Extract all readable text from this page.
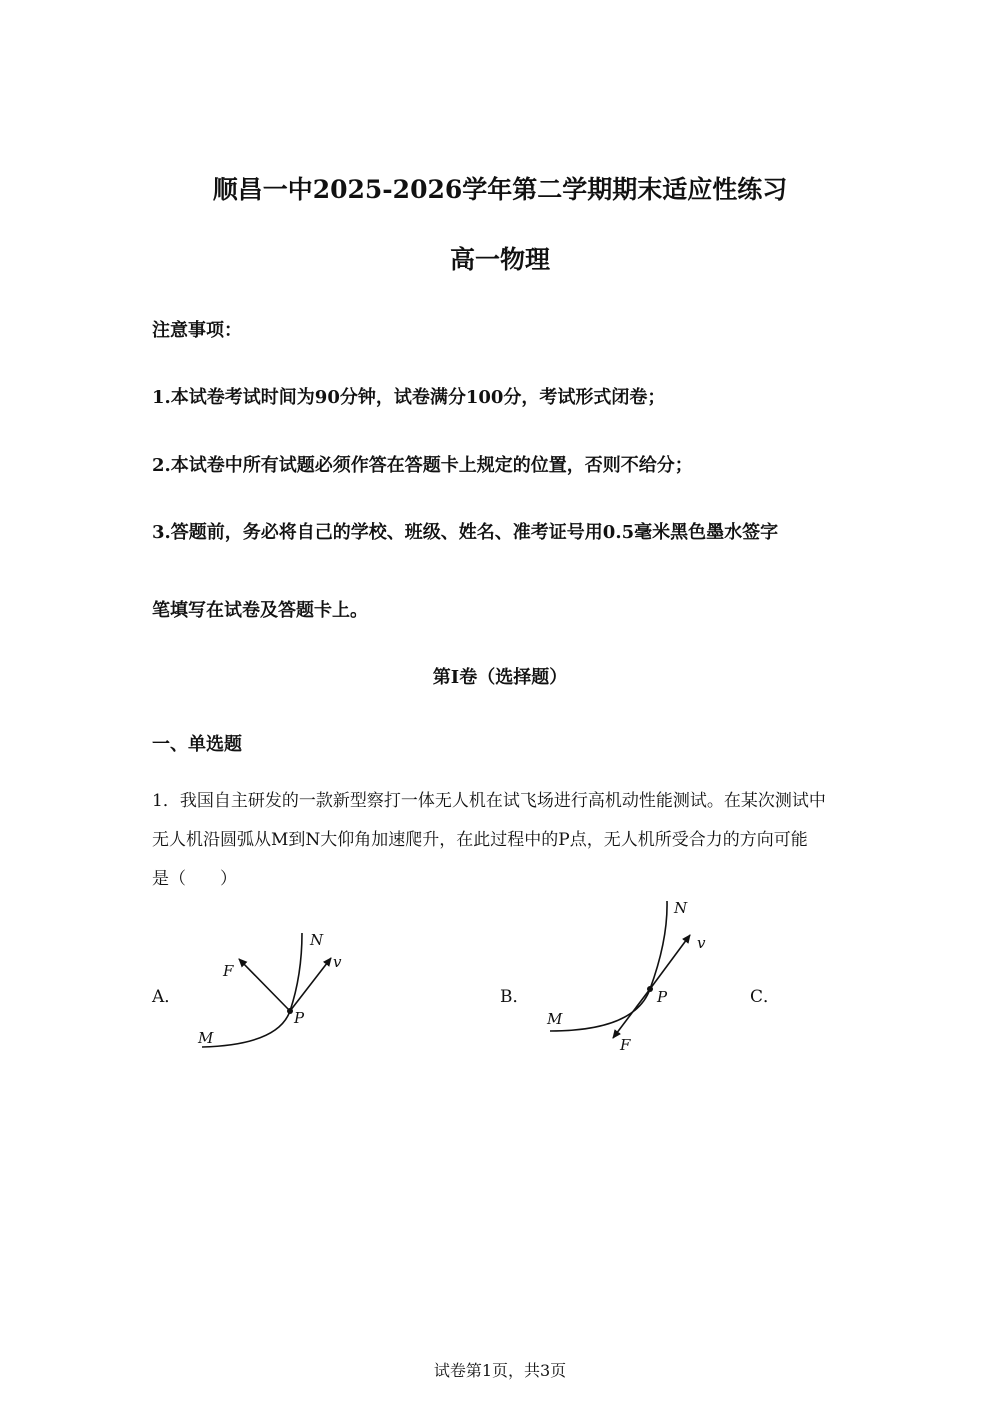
顺昌一中2025-2026学年第二学期期末适应性练习
高一物理
注意事项：
1.本试卷考试时间为90分钟，试卷满分100分，考试形式闭卷；
2.本试卷中所有试题必须作答在答题卡上规定的位置，否则不给分；
3.答题前，务必将自己的学校、班级、姓名、准考证号用0.5毫米黑色墨水签字
笔填写在试卷及答题卡上。
第I卷（选择题）
一、单选题
1．我国自主研发的一款新型察打一体无人机在试飞场进行高机动性能测试。在某次测试中
无人机沿圆弧从M到N大仰角加速爬升，在此过程中的P点，无人机所受合力的方向可能
是（　　）
A．
N
v
F
P
M
B．
N
v
F
P
M
C．
试卷第1页，共3页
